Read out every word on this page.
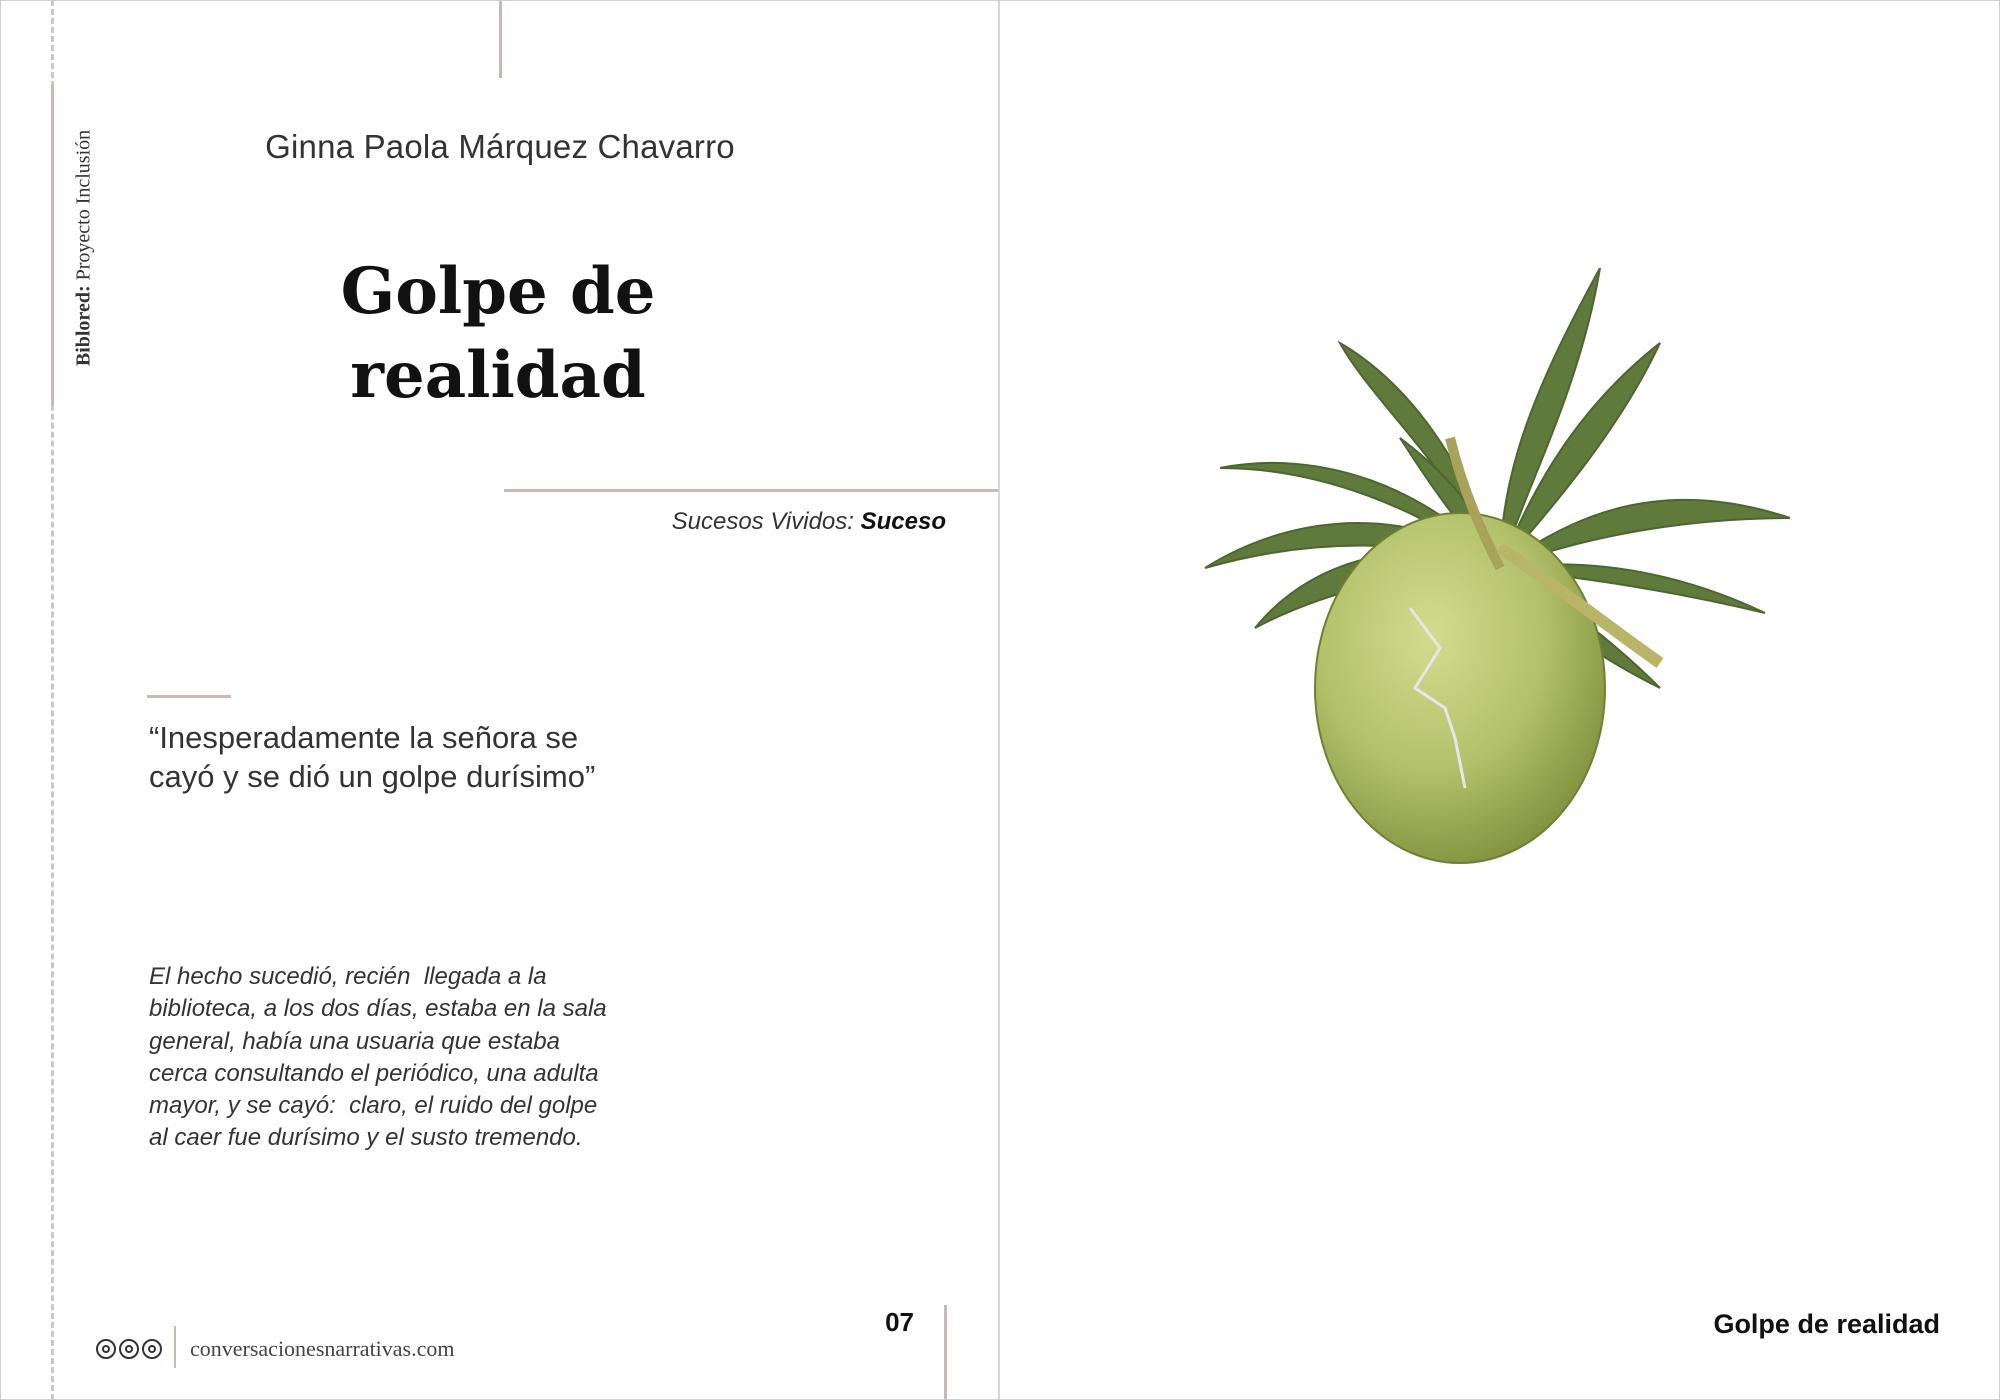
Biblored: Proyecto Inclusión	Ginna Paola Márquez Chavarro
Golpe de
realidad
Sucesos Vividos: Suceso
“Inesperadamente la señora se
cayó y se dió un golpe durísimo”
El hecho sucedió, recién  llegada a la
biblioteca, a los dos días, estaba en la sala
general, había una usuaria que estaba
cerca consultando el periódico, una adulta
mayor, y se cayó:  claro, el ruido del golpe
al caer fue durísimo y el susto tremendo.
conversacionesnarrativas.com
07	Golpe de realidad
